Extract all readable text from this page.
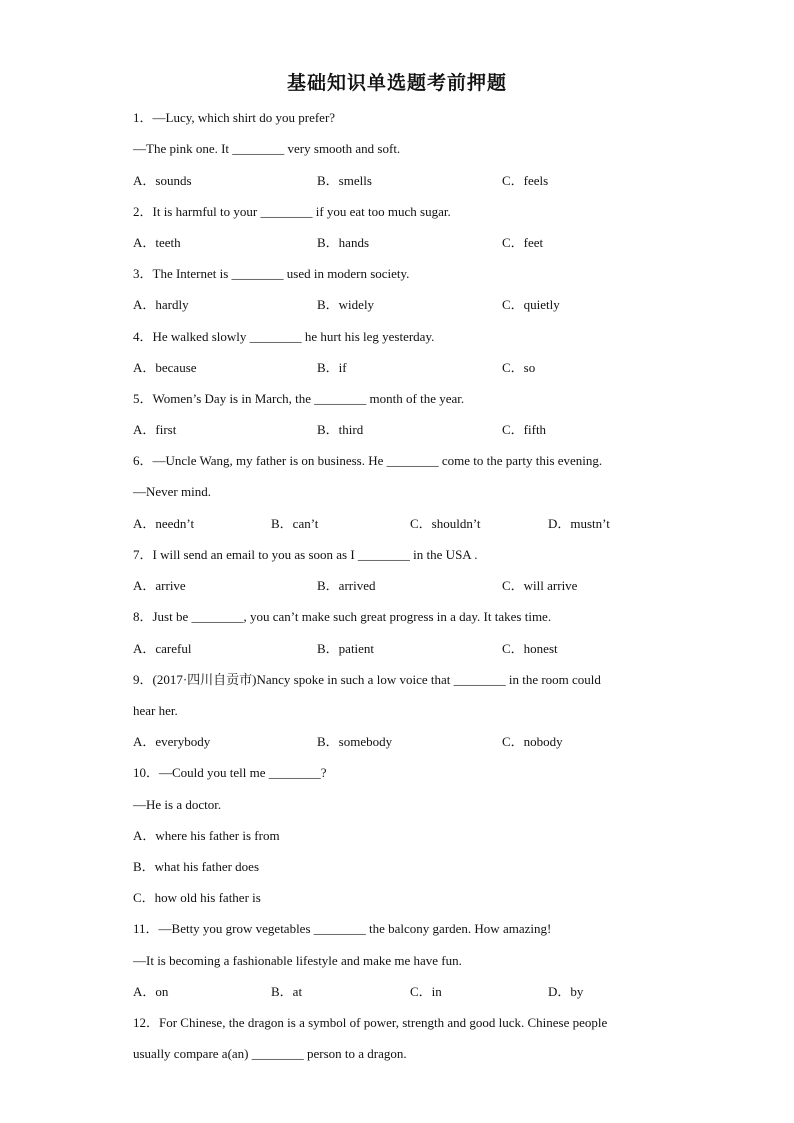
基础知识单选题考前押题
1．—Lucy, which shirt do you prefer?
—The pink one. It ________ very smooth and soft.
A．sounds	B．smells	C．feels
2．It is harmful to your ________ if you eat too much sugar.
A．teeth	B．hands	C．feet
3．The Internet is ________ used in modern society.
A．hardly	B．widely	C．quietly
4．He walked slowly ________ he hurt his leg yesterday.
A．because	B．if	C．so
5．Women’s Day is in March, the ________ month of the year.
A．first	B．third	C．fifth
6．—Uncle Wang, my father is on business. He ________ come to the party this evening.
—Never mind.
A．needn’t	B．can’t	C．shouldn’t	D．mustn’t
7．I will send an email to you as soon as I ________ in the USA .
A．arrive	B．arrived	C．will arrive
8．Just be ________, you can’t make such great progress in a day. It takes time.
A．careful	B．patient	C．honest
9．(2017·四川自贡市)Nancy spoke in such a low voice that ________ in the room could
hear her.
A．everybody	B．somebody	C．nobody
10．—Could you tell me ________?
—He is a doctor.
A．where his father is from
B．what his father does
C．how old his father is
11．—Betty you grow vegetables ________ the balcony garden. How amazing!
—It is becoming a fashionable lifestyle and make me have fun.
A．on	B．at	C．in	D．by
12．For Chinese, the dragon is a symbol of power, strength and good luck. Chinese people
usually compare a(an) ________ person to a dragon.
